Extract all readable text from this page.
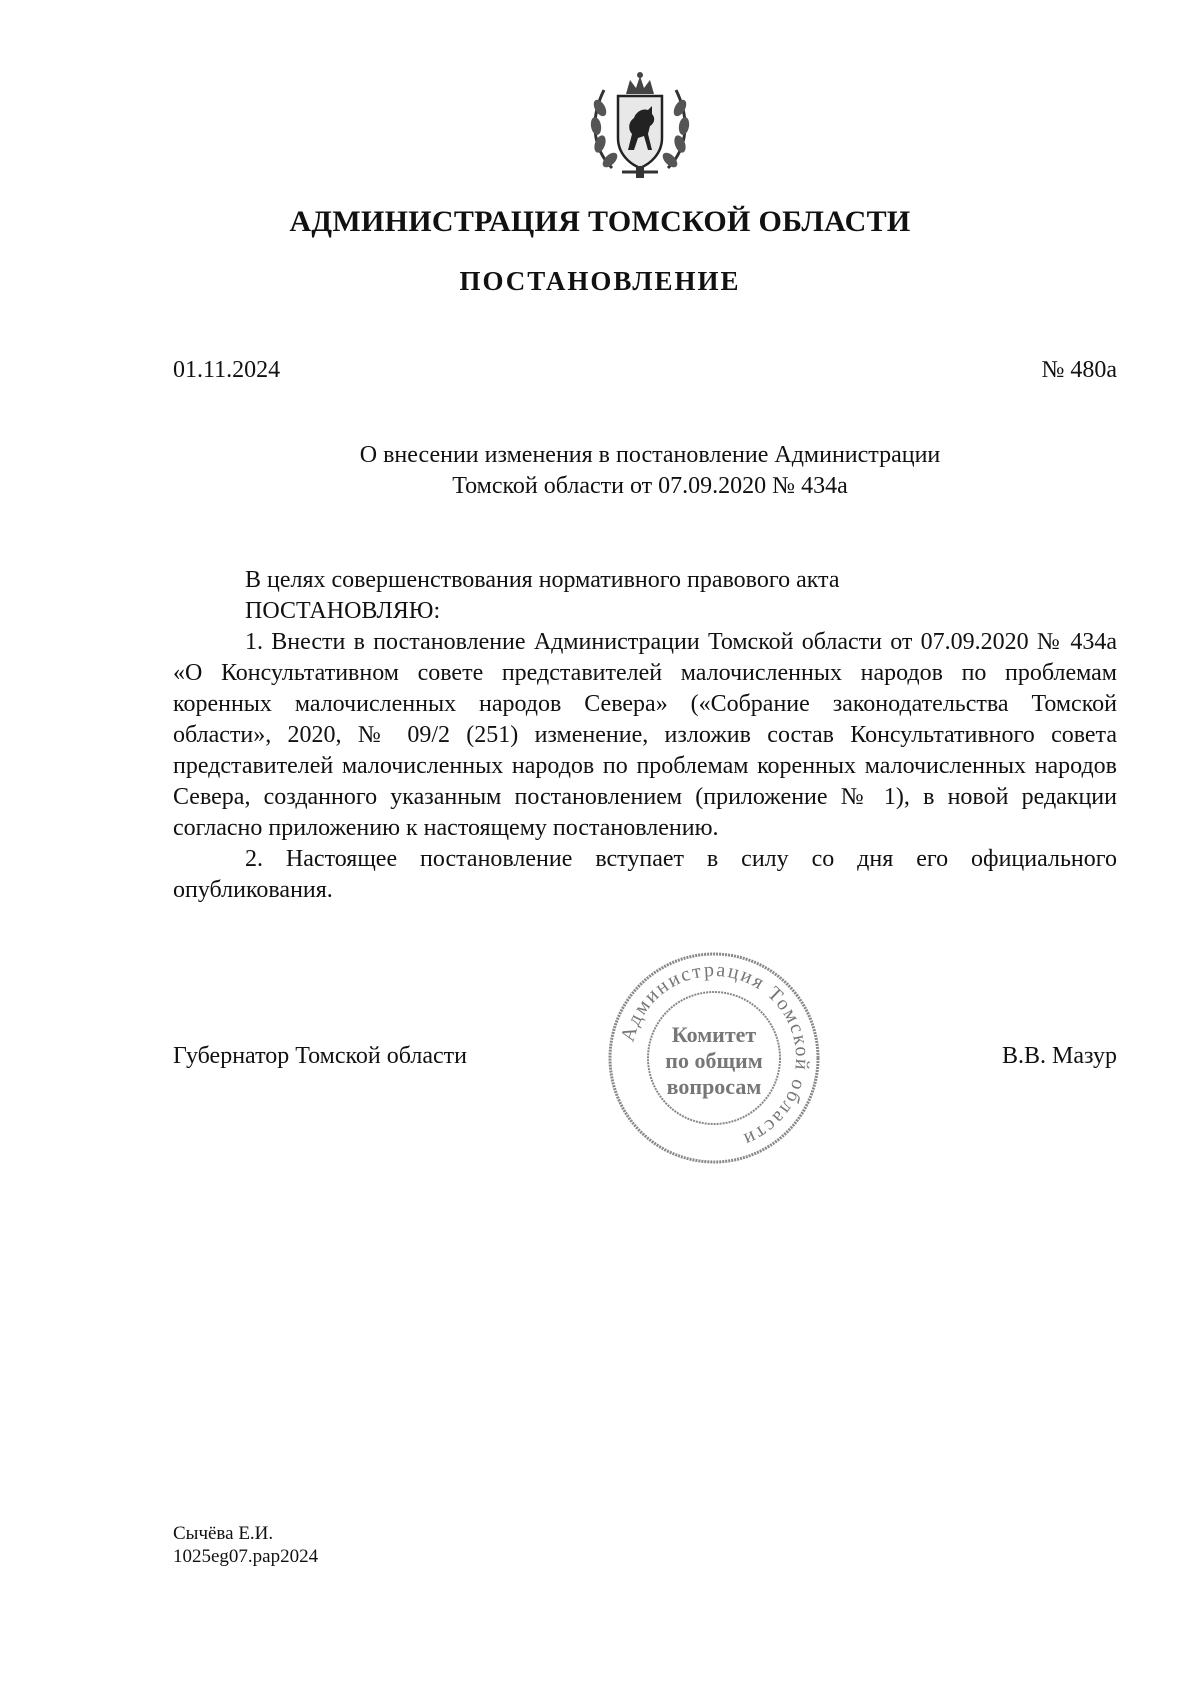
АДМИНИСТРАЦИЯ ТОМСКОЙ ОБЛАСТИ
ПОСТАНОВЛЕНИЕ
01.11.2024	№ 480а
О внесении изменения в постановление Администрации
Томской области от 07.09.2020 № 434а

В целях совершенствования нормативного правового акта

ПОСТАНОВЛЯЮ:

1. Внести в постановление Администрации Томской области от 07.09.2020 № 434а «О Консультативном совете представителей малочисленных народов по проблемам коренных малочисленных народов Севера» («Собрание законодательства Томской области», 2020, № 09/2 (251) изменение, изложив состав Консультативного совета представителей малочисленных народов по проблемам коренных малочисленных народов Севера, созданного указанным постановлением (приложение № 1), в новой редакции согласно приложению к настоящему постановлению.

2. Настоящее постановление вступает в силу со дня его официального опубликования.

Губернатор Томской области	В.В. Мазур
Администрация Томской области
Комитет
по общим
вопросам
Сычёва Е.И.
1025eg07.pap2024
